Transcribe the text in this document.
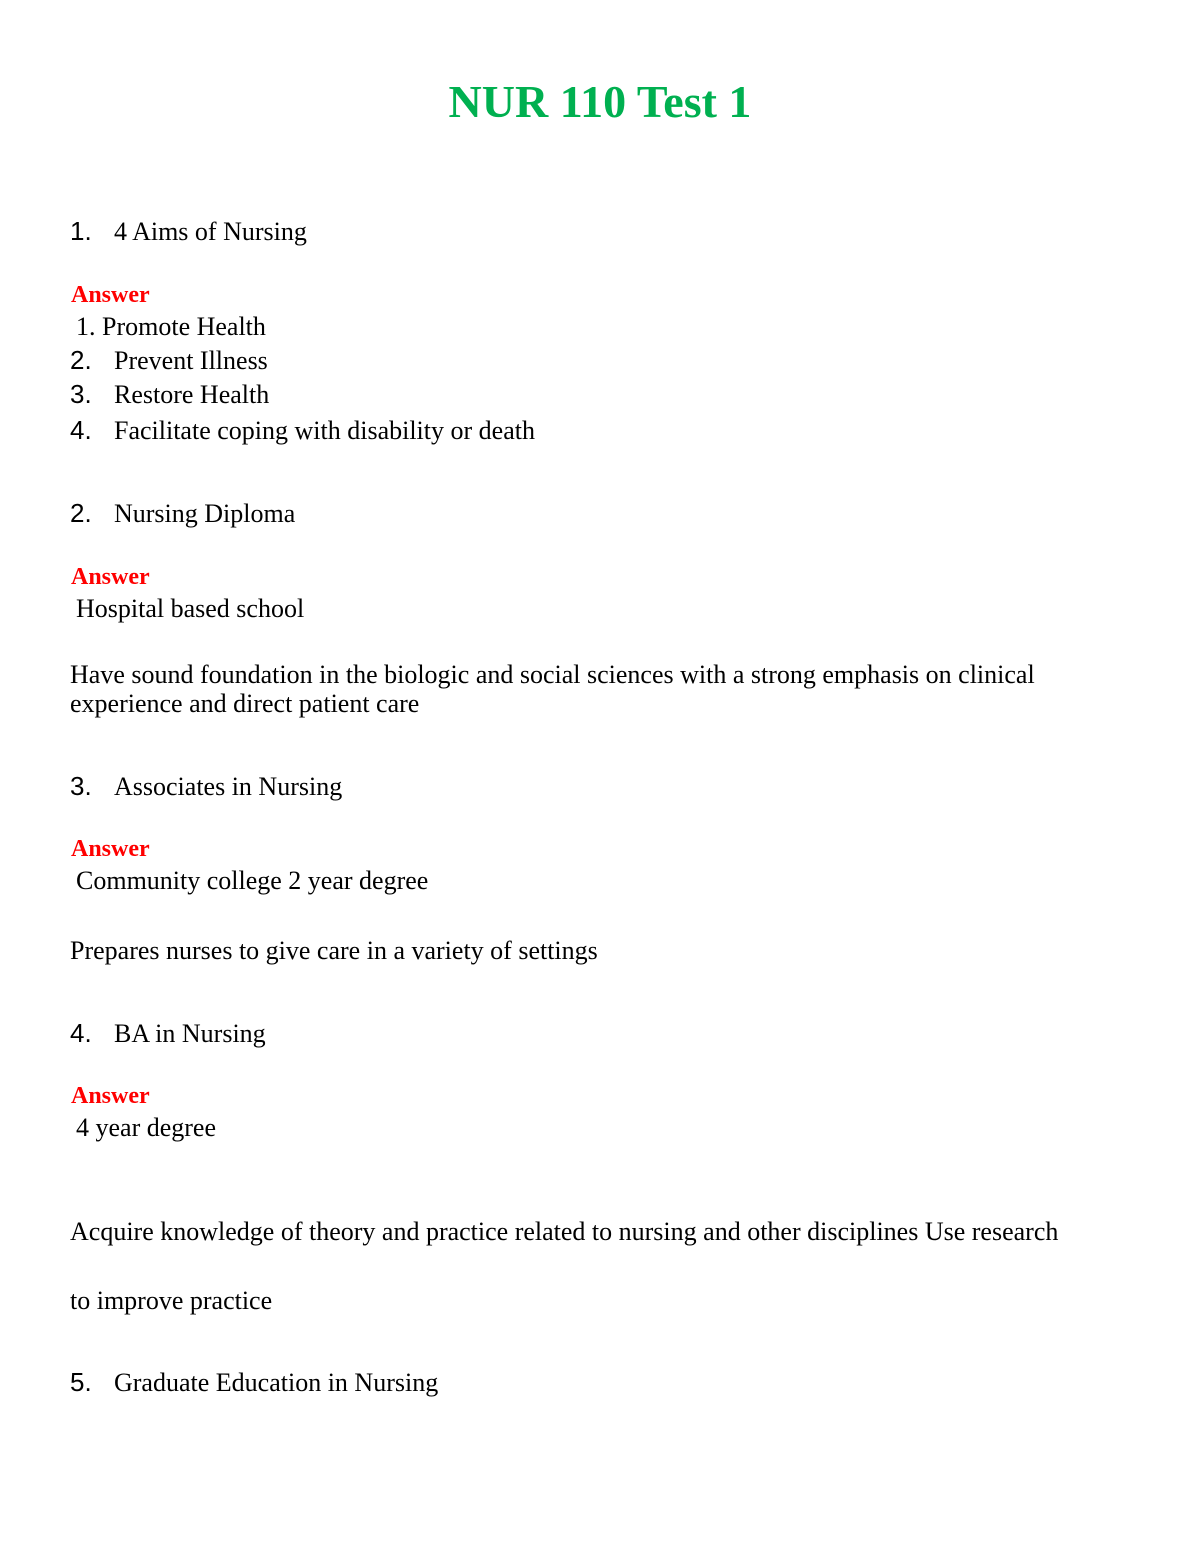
NUR 110 Test 1
1. 4 Aims of Nursing
Answer
1. Promote Health
2. Prevent Illness
3. Restore Health
4. Facilitate coping with disability or death
2. Nursing Diploma
Answer
Hospital based school
Have sound foundation in the biologic and social sciences with a strong emphasis on clinical experience and direct patient care
3. Associates in Nursing
Answer
Community college 2 year degree
Prepares nurses to give care in a variety of settings
4. BA in Nursing
Answer
4 year degree
Acquire knowledge of theory and practice related to nursing and other disciplines Use research
to improve practice
5. Graduate Education in Nursing
